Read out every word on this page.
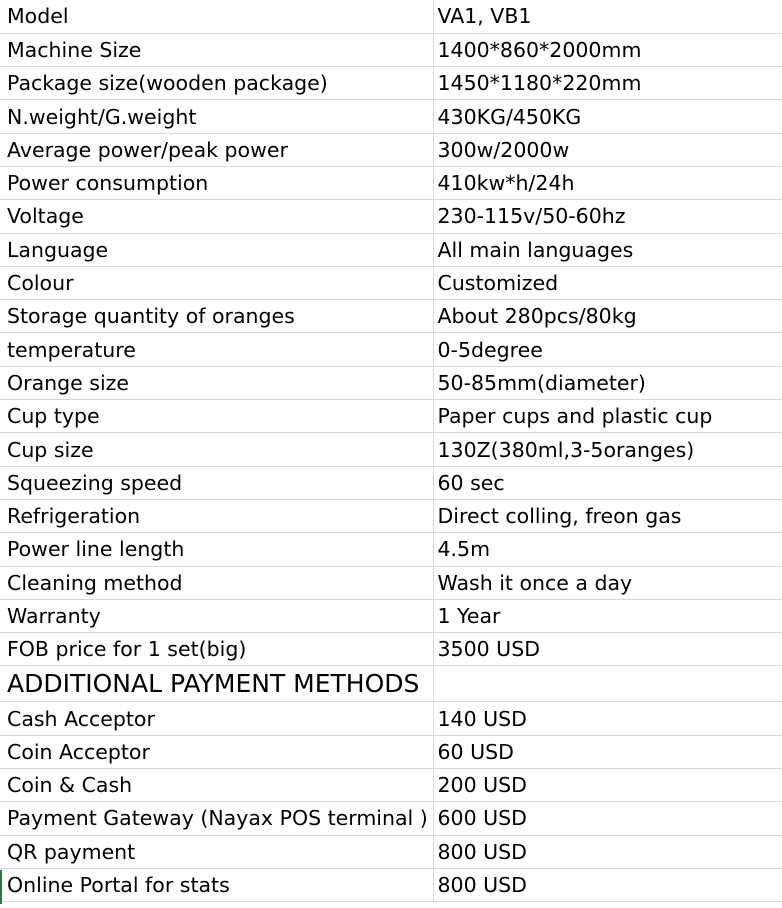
Model	VA1, VB1
Machine Size	1400*860*2000mm
Package size(wooden package)	1450*1180*220mm
N.weight/G.weight	430KG/450KG
Average power/peak power	300w/2000w
Power consumption	410kw*h/24h
Voltage	230-115v/50-60hz
Language	All main languages
Colour	Customized
Storage quantity of oranges	About 280pcs/80kg
temperature	0-5degree
Orange size	50-85mm(diameter)
Cup type	Paper cups and plastic cup
Cup size	130Z(380ml,3-5oranges)
Squeezing speed	60 sec
Refrigeration	Direct colling, freon gas
Power line length	4.5m
Cleaning method	Wash it once a day
Warranty	1 Year
FOB price for 1 set(big)	3500 USD
ADDITIONAL PAYMENT METHODS	
Cash Acceptor	140 USD
Coin Acceptor	60 USD
Coin & Cash	200 USD
Payment Gateway (Nayax POS terminal )	600 USD
QR payment	800 USD
Online Portal for stats	800 USD
